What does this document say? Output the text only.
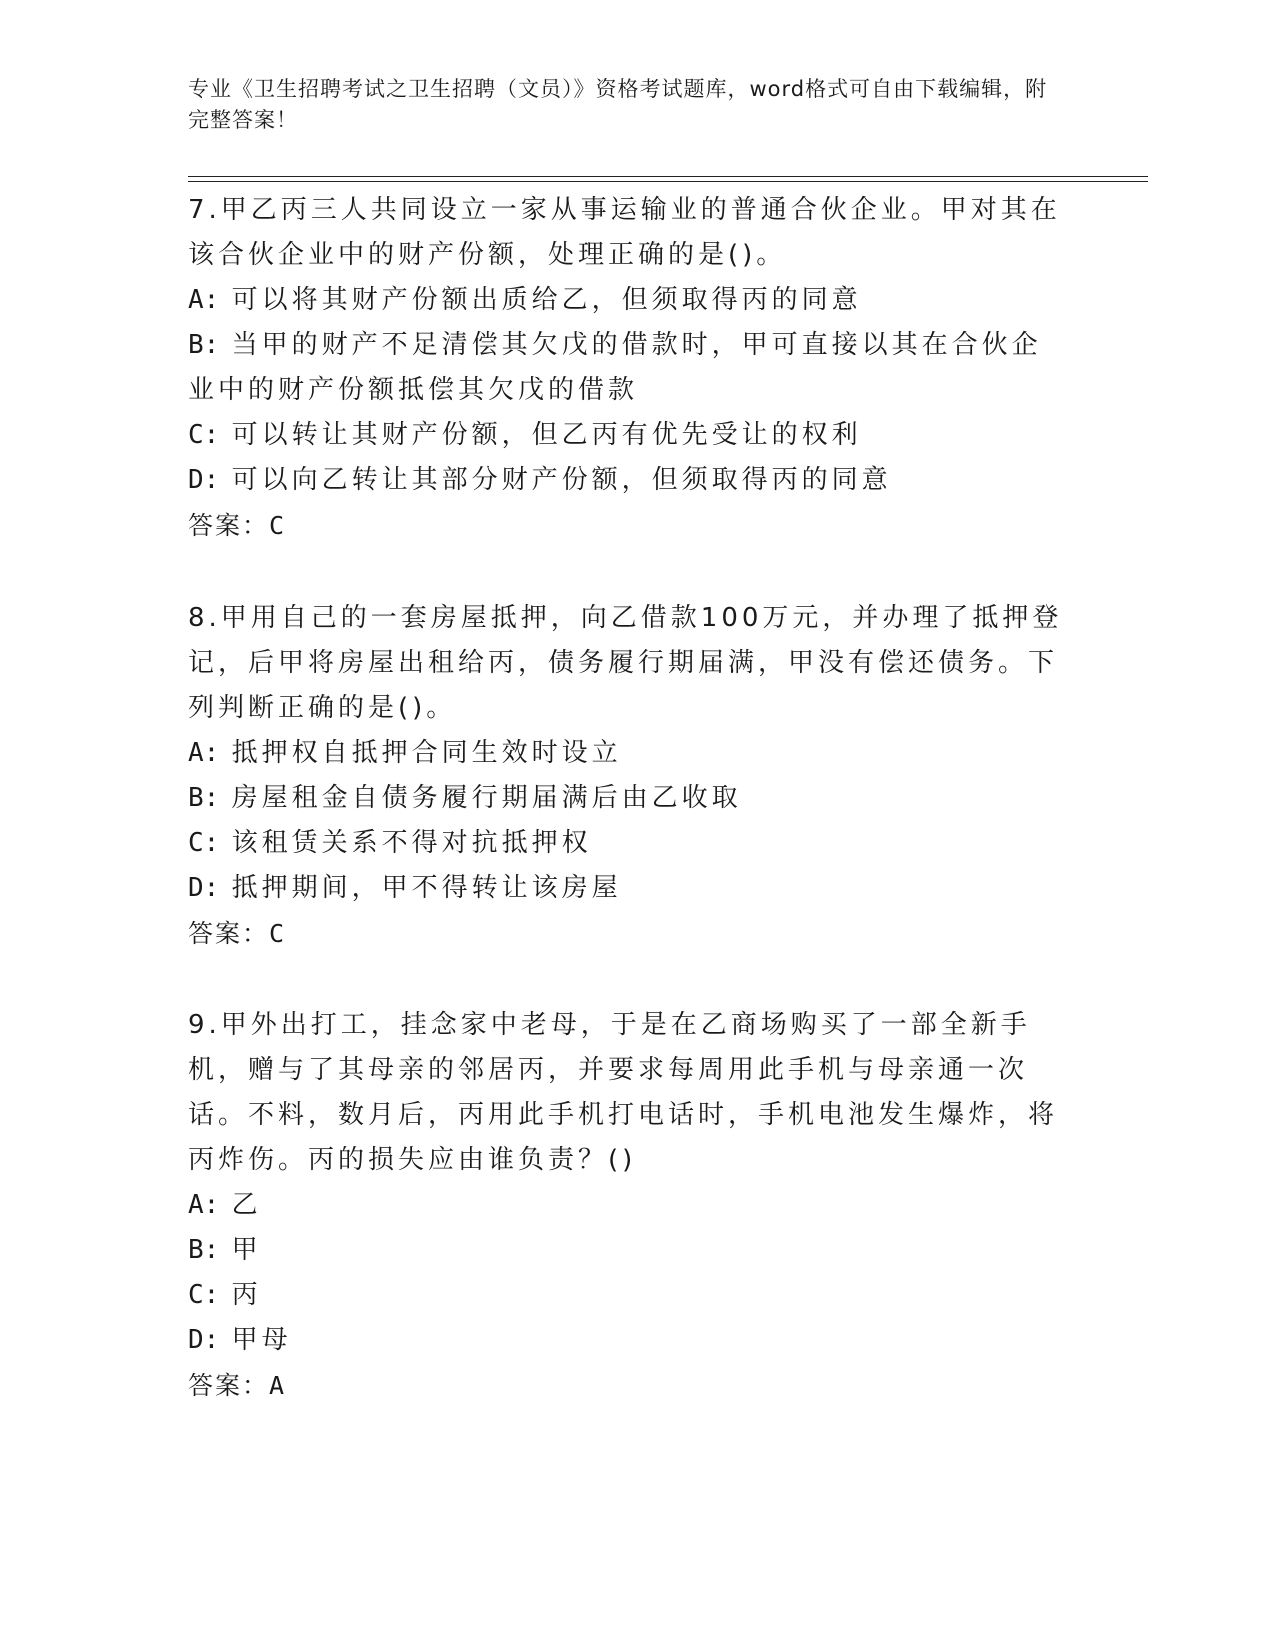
专业《卫生招聘考试之卫生招聘（文员）》资格考试题库，word格式可自由下载编辑，附完整答案！

7.甲乙丙三人共同设立一家从事运输业的普通合伙企业。甲对其在该合伙企业中的财产份额，处理正确的是()。

A: 可以将其财产份额出质给乙，但须取得丙的同意

B: 当甲的财产不足清偿其欠戊的借款时，甲可直接以其在合伙企业中的财产份额抵偿其欠戊的借款

C: 可以转让其财产份额，但乙丙有优先受让的权利

D: 可以向乙转让其部分财产份额，但须取得丙的同意

答案：C

8.甲用自己的一套房屋抵押，向乙借款100万元，并办理了抵押登记，后甲将房屋出租给丙，债务履行期届满，甲没有偿还债务。下列判断正确的是()。

A: 抵押权自抵押合同生效时设立

B: 房屋租金自债务履行期届满后由乙收取

C: 该租赁关系不得对抗抵押权

D: 抵押期间，甲不得转让该房屋

答案：C

9.甲外出打工，挂念家中老母，于是在乙商场购买了一部全新手机，赠与了其母亲的邻居丙，并要求每周用此手机与母亲通一次话。不料，数月后，丙用此手机打电话时，手机电池发生爆炸，将丙炸伤。丙的损失应由谁负责？()

A: 乙

B: 甲

C: 丙

D: 甲母

答案：A
